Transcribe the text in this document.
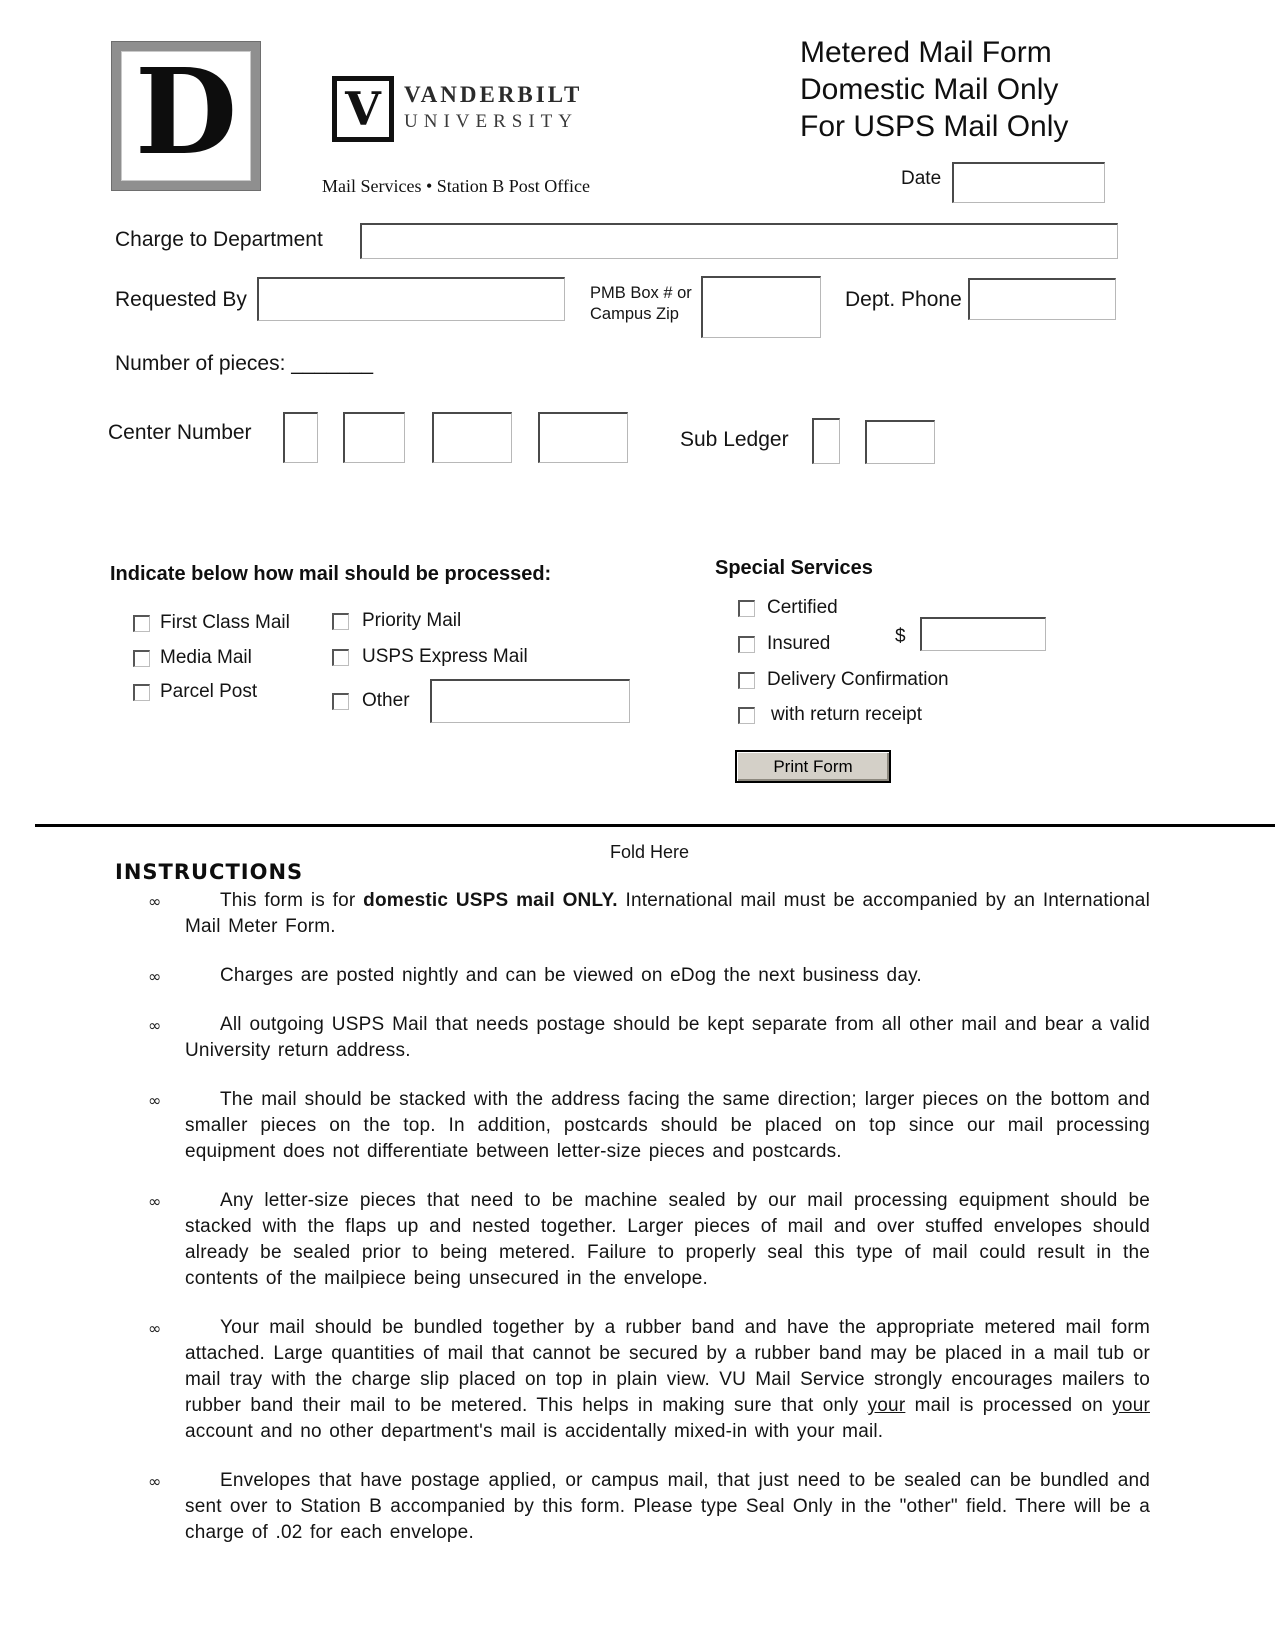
D V VANDERBILT
UNIVERSITY
Mail Services • Station B Post Office
Metered Mail Form
Domestic Mail Only
For USPS Mail Only
Date
Charge to Department
Requested By	PMB Box # or
Campus Zip
Dept. Phone
Number of pieces: _______
Center Number	Sub Ledger
Indicate below how mail should be processed:
First Class Mail
Media Mail
Parcel Post
Priority Mail
USPS Express Mail
Other
Special Services
Certified
Insured
Delivery Confirmation
with return receipt
$
Print Form
Fold Here
INSTRUCTIONS
∞	This form is for domestic USPS mail ONLY. International mail must be accompanied by an International Mail Meter Form.
∞	Charges are posted nightly and can be viewed on eDog the next business day.
∞	All outgoing USPS Mail that needs postage should be kept separate from all other mail and bear a valid University return address.
∞	The mail should be stacked with the address facing the same direction; larger pieces on the bottom and smaller pieces on the top. In addition, postcards should be placed on top since our mail processing equipment does not differentiate between letter-size pieces and postcards.
∞	Any letter-size pieces that need to be machine sealed by our mail processing equipment should be stacked with the flaps up and nested together. Larger pieces of mail and over stuffed envelopes should already be sealed prior to being metered. Failure to properly seal this type of mail could result in the contents of the mailpiece being unsecured in the envelope.
∞	Your mail should be bundled together by a rubber band and have the appropriate metered mail form attached. Large quantities of mail that cannot be secured by a rubber band may be placed in a mail tub or mail tray with the charge slip placed on top in plain view. VU Mail Service strongly encourages mailers to rubber band their mail to be metered. This helps in making sure that only your mail is processed on your account and no other department's mail is accidentally mixed-in with your mail.
∞	Envelopes that have postage applied, or campus mail, that just need to be sealed can be bundled and sent over to Station B accompanied by this form. Please type Seal Only in the "other" field. There will be a charge of .02 for each envelope.
